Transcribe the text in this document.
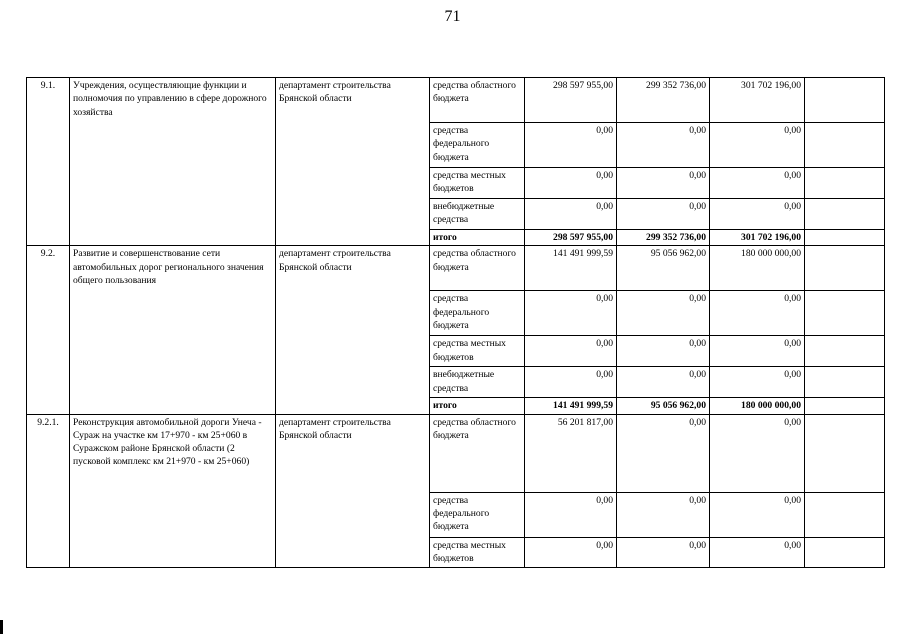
71
9.1.	Учреждения, осуществляющие функции и полномочия по управлению в сфере дорожного хозяйства	департамент строительства Брянской области	средства областного бюджета	298 597 955,00	299 352 736,00	301 702 196,00	
			средства федерального бюджета	0,00	0,00	0,00	
			средства местных бюджетов	0,00	0,00	0,00	
			внебюджетные средства	0,00	0,00	0,00	
			итого	298 597 955,00	299 352 736,00	301 702 196,00	
9.2.	Развитие и совершенствование сети автомобильных дорог регионального значения общего пользования	департамент строительства Брянской области	средства областного бюджета	141 491 999,59	95 056 962,00	180 000 000,00	
			средства федерального бюджета	0,00	0,00	0,00	
			средства местных бюджетов	0,00	0,00	0,00	
			внебюджетные средства	0,00	0,00	0,00	
			итого	141 491 999,59	95 056 962,00	180 000 000,00	
9.2.1.	Реконструкция автомобильной дороги Унеча - Сураж на участке км 17+970 - км 25+060 в Суражском районе Брянской области (2 пусковой комплекс км 21+970 - км 25+060)	департамент строительства Брянской области	средства областного бюджета	56 201 817,00	0,00	0,00	
			средства федерального бюджета	0,00	0,00	0,00	
			средства местных бюджетов	0,00	0,00	0,00	
